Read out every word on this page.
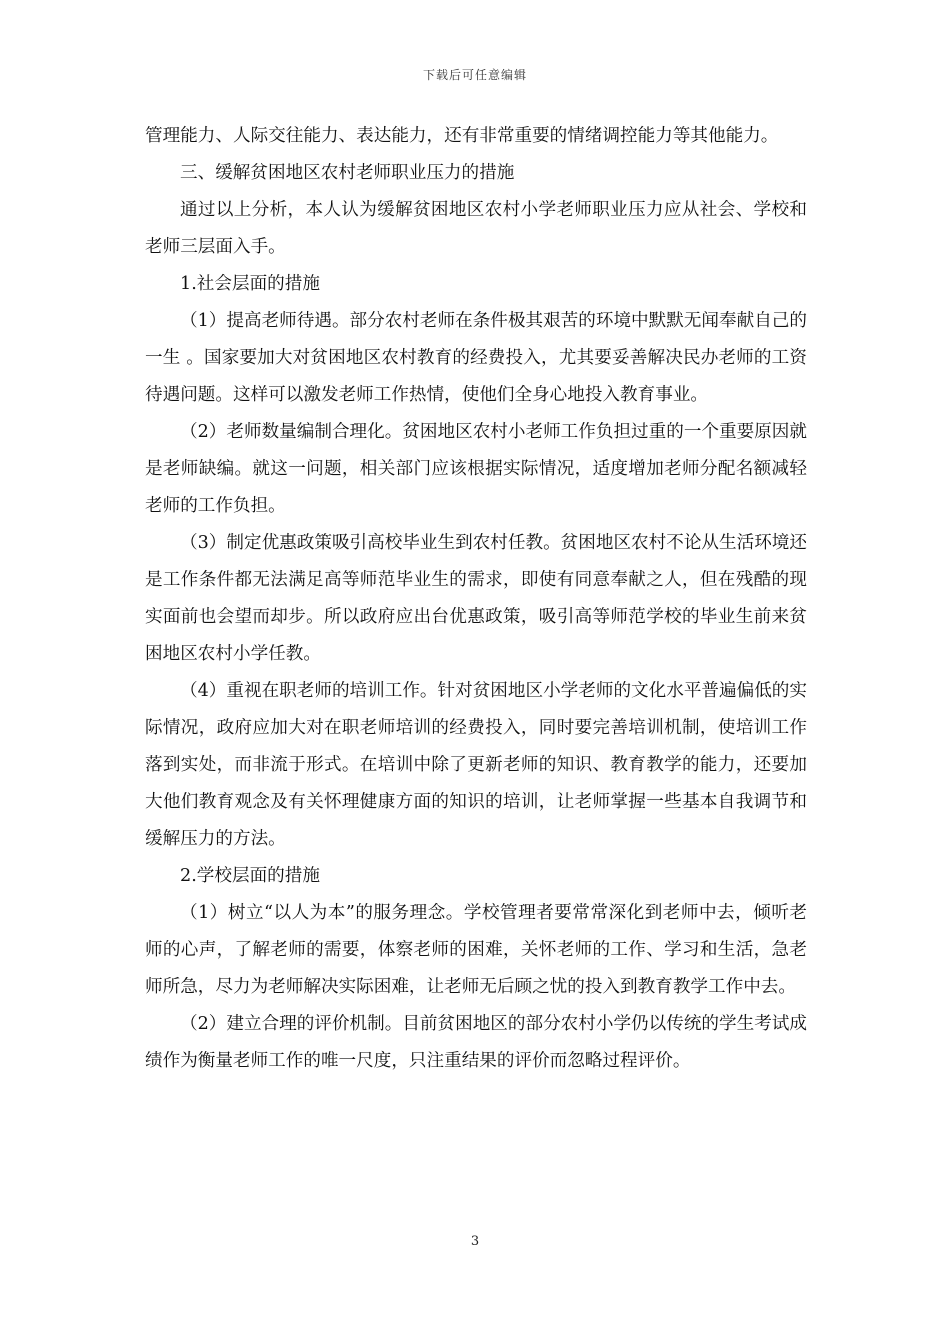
下载后可任意编辑

管理能力、人际交往能力、表达能力，还有非常重要的情绪调控能力等其他能力。

三、缓解贫困地区农村老师职业压力的措施

通过以上分析，本人认为缓解贫困地区农村小学老师职业压力应从社会、学校和老师三层面入手。

1.社会层面的措施

（1）提高老师待遇。部分农村老师在条件极其艰苦的环境中默默无闻奉献自己的一生 。国家要加大对贫困地区农村教育的经费投入，尤其要妥善解决民办老师的工资待遇问题。这样可以激发老师工作热情，使他们全身心地投入教育事业。

（2）老师数量编制合理化。贫困地区农村小老师工作负担过重的一个重要原因就是老师缺编。就这一问题，相关部门应该根据实际情况，适度增加老师分配名额减轻老师的工作负担。

（3）制定优惠政策吸引高校毕业生到农村任教。贫困地区农村不论从生活环境还是工作条件都无法满足高等师范毕业生的需求，即使有同意奉献之人，但在残酷的现实面前也会望而却步。所以政府应出台优惠政策，吸引高等师范学校的毕业生前来贫困地区农村小学任教。

（4）重视在职老师的培训工作。针对贫困地区小学老师的文化水平普遍偏低的实际情况，政府应加大对在职老师培训的经费投入，同时要完善培训机制，使培训工作落到实处，而非流于形式。在培训中除了更新老师的知识、教育教学的能力，还要加大他们教育观念及有关怀理健康方面的知识的培训，让老师掌握一些基本自我调节和缓解压力的方法。

2.学校层面的措施

（1）树立“以人为本”的服务理念。学校管理者要常常深化到老师中去，倾听老师的心声，了解老师的需要，体察老师的困难，关怀老师的工作、学习和生活，急老师所急，尽力为老师解决实际困难，让老师无后顾之忧的投入到教育教学工作中去。

（2）建立合理的评价机制。目前贫困地区的部分农村小学仍以传统的学生考试成绩作为衡量老师工作的唯一尺度，只注重结果的评价而忽略过程评价。

3
